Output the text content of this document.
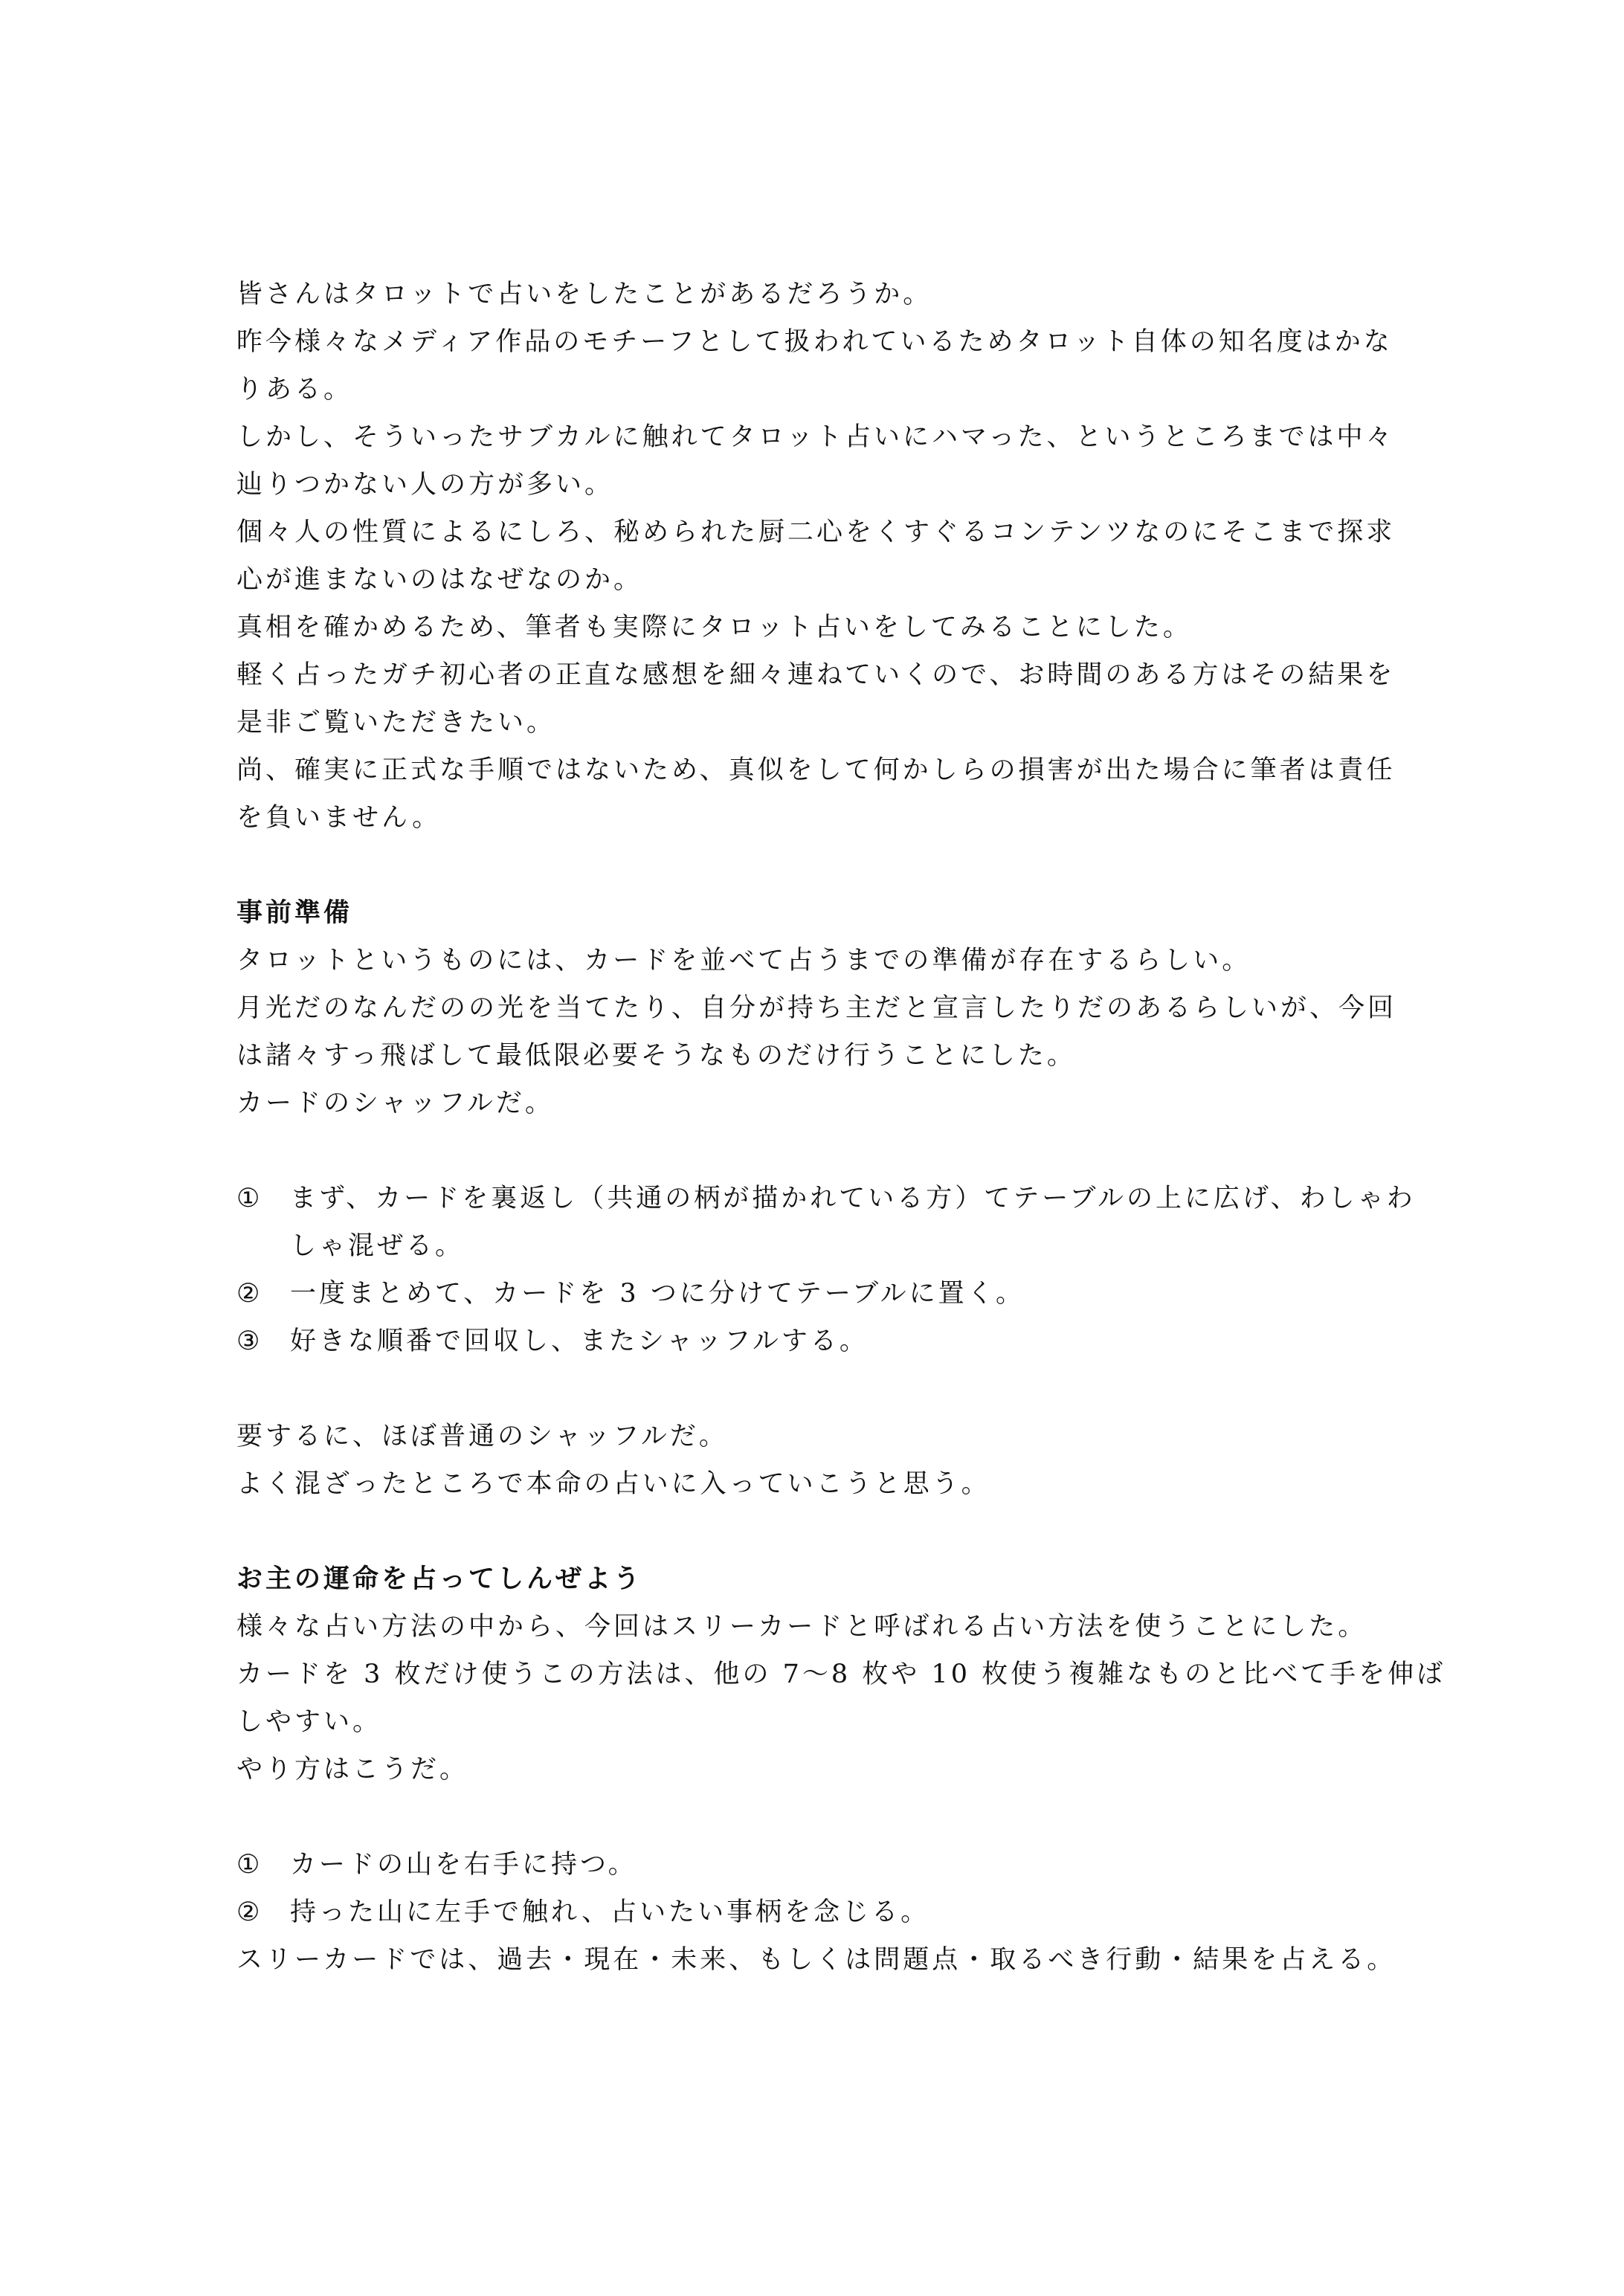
皆さんはタロットで占いをしたことがあるだろうか。
昨今様々なメディア作品のモチーフとして扱われているためタロット自体の知名度はかな
りある。
しかし、そういったサブカルに触れてタロット占いにハマった、というところまでは中々
辿りつかない人の方が多い。
個々人の性質によるにしろ、秘められた厨二心をくすぐるコンテンツなのにそこまで探求
心が進まないのはなぜなのか。
真相を確かめるため、筆者も実際にタロット占いをしてみることにした。
軽く占ったガチ初心者の正直な感想を細々連ねていくので、お時間のある方はその結果を
是非ご覧いただきたい。
尚、確実に正式な手順ではないため、真似をして何かしらの損害が出た場合に筆者は責任
を負いません。
事前準備
タロットというものには、カードを並べて占うまでの準備が存在するらしい。
月光だのなんだのの光を当てたり、自分が持ち主だと宣言したりだのあるらしいが、今回
は諸々すっ飛ばして最低限必要そうなものだけ行うことにした。
カードのシャッフルだ。
①	まず、カードを裏返し（共通の柄が描かれている方）てテーブルの上に広げ、わしゃわ
しゃ混ぜる。
②	一度まとめて、カードを 3 つに分けてテーブルに置く。
③	好きな順番で回収し、またシャッフルする。
要するに、ほぼ普通のシャッフルだ。
よく混ざったところで本命の占いに入っていこうと思う。
お主の運命を占ってしんぜよう
様々な占い方法の中から、今回はスリーカードと呼ばれる占い方法を使うことにした。
カードを 3 枚だけ使うこの方法は、他の 7〜8 枚や 10 枚使う複雑なものと比べて手を伸ば
しやすい。
やり方はこうだ。
①	カードの山を右手に持つ。
②	持った山に左手で触れ、占いたい事柄を念じる。
スリーカードでは、過去・現在・未来、もしくは問題点・取るべき行動・結果を占える。
